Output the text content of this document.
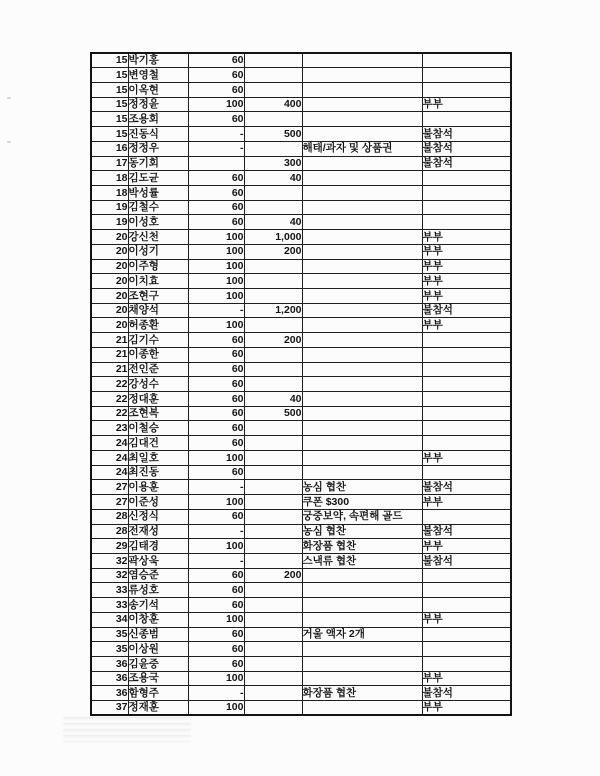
15	박기홍	60			
15	변영철	60			
15	이옥현	60			
15	정정윤	100	400		부부
15	조용회	60			
15	진동식	-	500		불참석
16	정정우	-		해태/과자 및 상품권	불참석
17	동기회		300		불참석
18	김도균	60	40		
18	박성률	60			
19	김철수	60			
19	이성호	60	40		
20	강신천	100	1,000		부부
20	이성기	100	200		부부
20	이주형	100			부부
20	이치효	100			부부
20	조현구	100			부부
20	채양석	-	1,200		불참석
20	허종환	100			부부
21	김기수	60	200		
21	이종한	60			
21	전인준	60			
22	강성수	60			
22	정대훈	60	40		
22	조현복	60	500		
23	이철승	60			
24	김대건	60			
24	최일호	100			부부
24	최진동	60			
27	이용훈	-		농심 협찬	불참석
27	이준성	100		쿠폰 $300	부부
28	신정식	60		궁중보약, 속편해 골드	
28	전재성	-		농심 협찬	불참석
29	김태경	100		화장품 협찬	부부
32	곽상욱	-		스낵류 협찬	불참석
32	염승준	60	200		
33	류성호	60			
33	송기석	60			
34	이창훈	100			부부
35	신종범	60		거울 액자 2개	
35	이상원	60			
36	김윤중	60			
36	조용국	100			부부
36	함형주	-		화장품 협찬	불참석
37	정재훈	100			부부
